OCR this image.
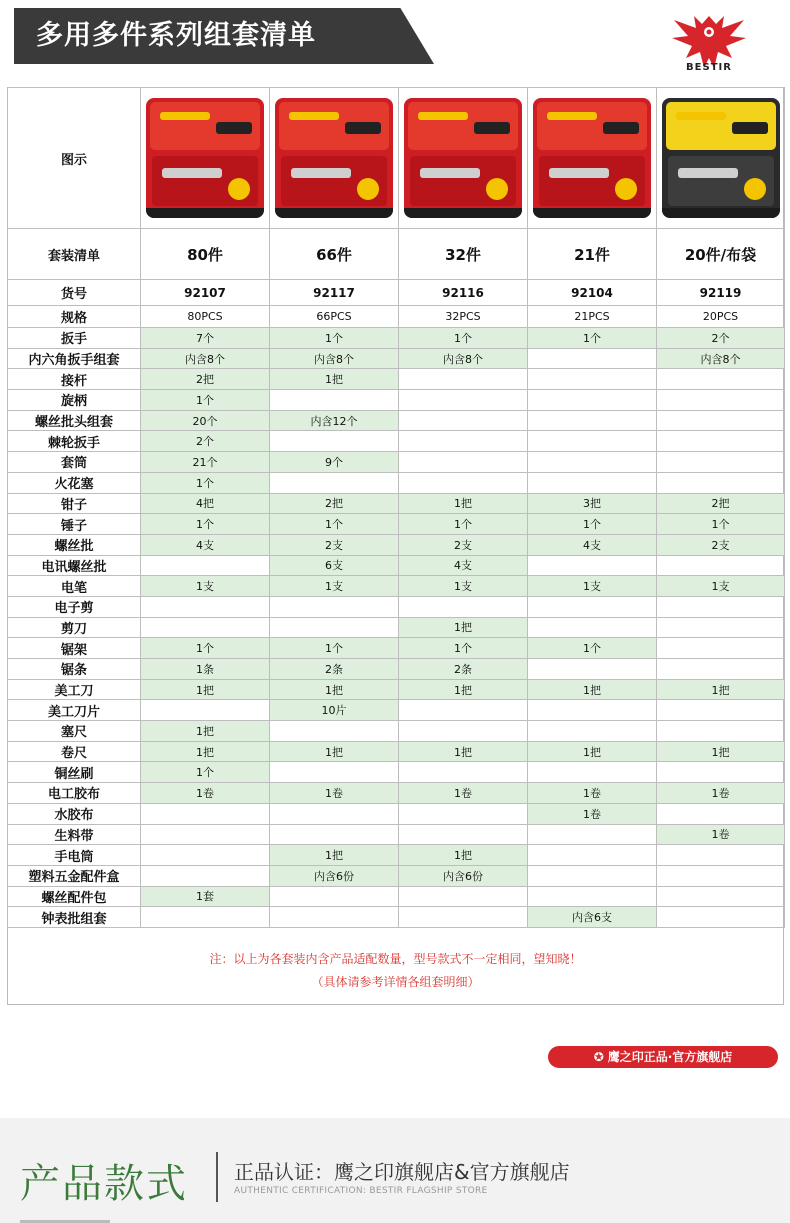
多用多件系列组套清单
BESTIR
图示	

套装清单	80件	66件	32件	21件	20件/布袋
货号	92107	92117	92116	92104	92119
规格	80PCS	66PCS	32PCS	21PCS	20PCS
扳手	7个	1个	1个	1个	2个
内六角扳手组套	内含8个	内含8个	内含8个		内含8个
接杆	2把	1把			
旋柄	1个				
螺丝批头组套	20个	内含12个			
棘轮扳手	2个				
套筒	21个	9个			
火花塞	1个				
钳子	4把	2把	1把	3把	2把
锤子	1个	1个	1个	1个	1个
螺丝批	4支	2支	2支	4支	2支
电讯螺丝批		6支	4支		
电笔	1支	1支	1支	1支	1支
电子剪					
剪刀			1把		
锯架	1个	1个	1个	1个	
锯条	1条	2条	2条		
美工刀	1把	1把	1把	1把	1把
美工刀片		10片			
塞尺	1把				
卷尺	1把	1把	1把	1把	1把
铜丝刷	1个				
电工胶布	1卷	1卷	1卷	1卷	1卷
水胶布				1卷	
生料带					1卷
手电筒		1把	1把		
塑料五金配件盒		内含6份	内含6份		
螺丝配件包	1套				
钟表批组套				内含6支	
注：以上为各套装内含产品适配数量，型号款式不一定相同，望知晓！
（具体请参考详情各组套明细）
✪ 鹰之印正品·官方旗舰店
产品款式 正品认证：鹰之印旗舰店&官方旗舰店
AUTHENTIC CERTIFICATION: BESTIR FLAGSHIP STORE
